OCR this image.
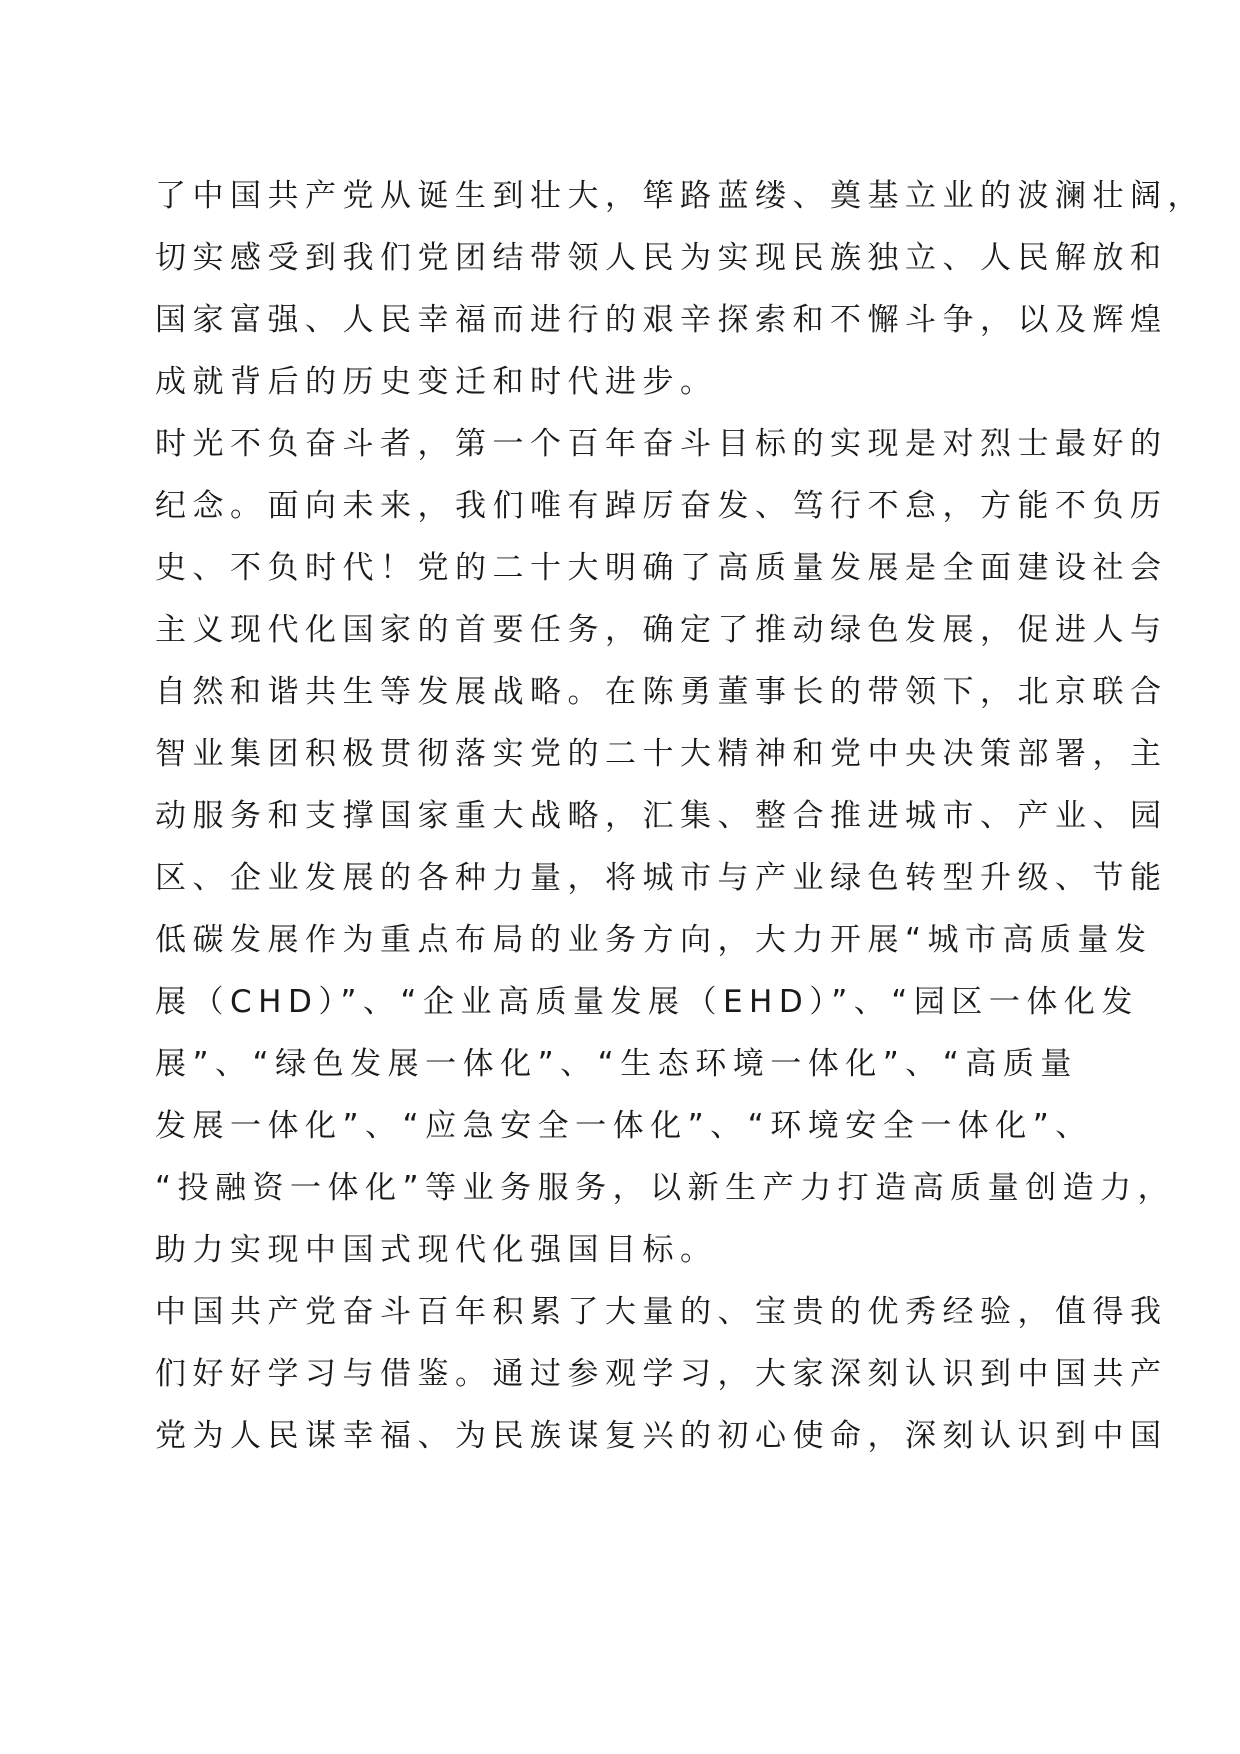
了中国共产党从诞生到壮大，筚路蓝缕、奠基立业的波澜壮阔，
切实感受到我们党团结带领人民为实现民族独立、人民解放和
国家富强、人民幸福而进行的艰辛探索和不懈斗争，以及辉煌
成就背后的历史变迁和时代进步。
时光不负奋斗者，第一个百年奋斗目标的实现是对烈士最好的
纪念。面向未来，我们唯有踔厉奋发、笃行不怠，方能不负历
史、不负时代！党的二十大明确了高质量发展是全面建设社会
主义现代化国家的首要任务，确定了推动绿色发展，促进人与
自然和谐共生等发展战略。在陈勇董事长的带领下，北京联合
智业集团积极贯彻落实党的二十大精神和党中央决策部署，主
动服务和支撑国家重大战略，汇集、整合推进城市、产业、园
区、企业发展的各种力量，将城市与产业绿色转型升级、节能
低碳发展作为重点布局的业务方向，大力开展“城市高质量发
展（CHD）”、“企业高质量发展（EHD）”、“园区一体化发
展”、“绿色发展一体化”、“生态环境一体化”、“高质量
发展一体化”、“应急安全一体化”、“环境安全一体化”、
“投融资一体化”等业务服务，以新生产力打造高质量创造力，
助力实现中国式现代化强国目标。
中国共产党奋斗百年积累了大量的、宝贵的优秀经验，值得我
们好好学习与借鉴。通过参观学习，大家深刻认识到中国共产
党为人民谋幸福、为民族谋复兴的初心使命，深刻认识到中国
